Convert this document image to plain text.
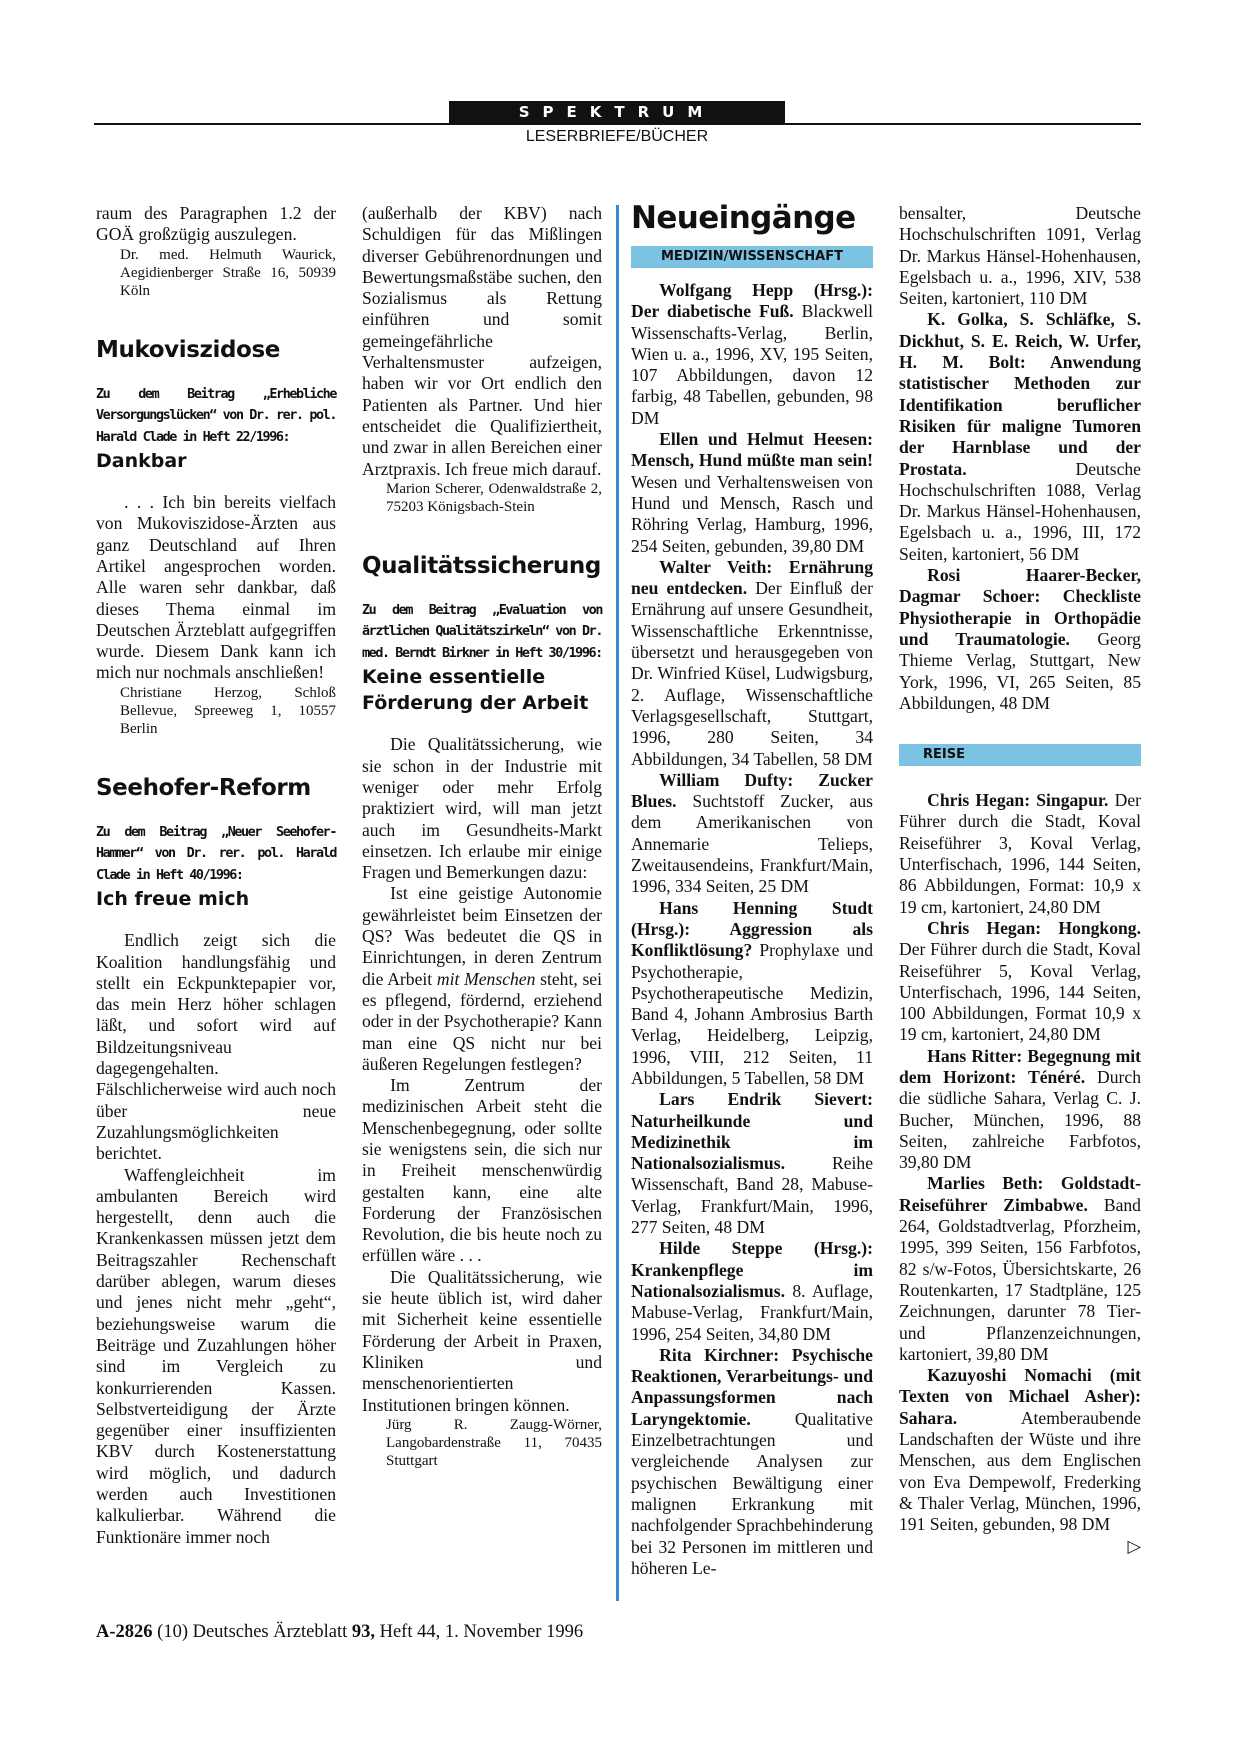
SPEKTRUM
LESERBRIEFE/BÜCHER

raum des Paragraphen 1.2 der GOÄ großzügig auszulegen.

Dr. med. Helmuth Waurick, Aegidienberger Straße 16, 50939 Köln

Mukoviszidose

Zu dem Beitrag „Erhebliche Versorgungslücken“ von Dr. rer. pol. Harald Clade in Heft 22/1996:

Dankbar

. . . Ich bin bereits vielfach von Mukoviszidose-Ärzten aus ganz Deutschland auf Ihren Artikel angesprochen worden. Alle waren sehr dankbar, daß dieses Thema einmal im Deutschen Ärzteblatt aufgegriffen wurde. Diesem Dank kann ich mich nur nochmals anschließen!

Christiane Herzog, Schloß Bellevue, Spreeweg 1, 10557 Berlin

Seehofer-Reform

Zu dem Beitrag „Neuer Seehofer-Hammer“ von Dr. rer. pol. Harald Clade in Heft 40/1996:

Ich freue mich

Endlich zeigt sich die Koalition handlungsfähig und stellt ein Eckpunktepapier vor, das mein Herz höher schlagen läßt, und sofort wird auf Bildzeitungsniveau dagegengehalten. Fälschlicherweise wird auch noch über neue Zuzahlungsmöglichkeiten berichtet.

Waffengleichheit im ambulanten Bereich wird hergestellt, denn auch die Krankenkassen müssen jetzt dem Beitragszahler Rechenschaft darüber ablegen, warum dieses und jenes nicht mehr „geht“, beziehungsweise warum die Beiträge und Zuzahlungen höher sind im Vergleich zu konkurrierenden Kassen. Selbstverteidigung der Ärzte gegenüber einer insuffizienten KBV durch Kostenerstattung wird möglich, und dadurch werden auch Investitionen kalkulierbar. Während die Funktionäre immer noch

(außerhalb der KBV) nach Schuldigen für das Mißlingen diverser Gebührenordnungen und Bewertungsmaßstäbe suchen, den Sozialismus als Rettung einführen und somit gemeingefährliche Verhaltensmuster aufzeigen, haben wir vor Ort endlich den Patienten als Partner. Und hier entscheidet die Qualifiziertheit, und zwar in allen Bereichen einer Arztpraxis. Ich freue mich darauf.

Marion Scherer, Odenwaldstraße 2, 75203 Königsbach-Stein

Qualitätssicherung

Zu dem Beitrag „Evaluation von ärztlichen Qualitätszirkeln“ von Dr. med. Berndt Birkner in Heft 30/1996:

Keine essentielle Förderung der Arbeit

Die Qualitätssicherung, wie sie schon in der Industrie mit weniger oder mehr Erfolg praktiziert wird, will man jetzt auch im Gesundheits-Markt einsetzen. Ich erlaube mir einige Fragen und Bemerkungen dazu:

Ist eine geistige Autonomie gewährleistet beim Einsetzen der QS? Was bedeutet die QS in Einrichtungen, in deren Zentrum die Arbeit mit Menschen steht, sei es pflegend, fördernd, erziehend oder in der Psychotherapie? Kann man eine QS nicht nur bei äußeren Regelungen festlegen?

Im Zentrum der medizinischen Arbeit steht die Menschenbegegnung, oder sollte sie wenigstens sein, die sich nur in Freiheit menschenwürdig gestalten kann, eine alte Forderung der Französischen Revolution, die bis heute noch zu erfüllen wäre . . .

Die Qualitätssicherung, wie sie heute üblich ist, wird daher mit Sicherheit keine essentielle Förderung der Arbeit in Praxen, Kliniken und menschenorientierten Institutionen bringen können.

Jürg R. Zaugg-Wörner, Langobardenstraße 11, 70435 Stuttgart

Neueingänge
MEDIZIN/WISSENSCHAFT

Wolfgang Hepp (Hrsg.): Der diabetische Fuß. Blackwell Wissenschafts-Verlag, Berlin, Wien u. a., 1996, XV, 195 Seiten, 107 Abbildungen, davon 12 farbig, 48 Tabellen, gebunden, 98 DM

Ellen und Helmut Heesen: Mensch, Hund müßte man sein! Wesen und Verhaltensweisen von Hund und Mensch, Rasch und Röhring Verlag, Hamburg, 1996, 254 Seiten, gebunden, 39,80 DM

Walter Veith: Ernährung neu entdecken. Der Einfluß der Ernährung auf unsere Gesundheit, Wissenschaftliche Erkenntnisse, übersetzt und herausgegeben von Dr. Winfried Küsel, Ludwigsburg, 2. Auflage, Wissenschaftliche Verlagsgesellschaft, Stuttgart, 1996, 280 Seiten, 34 Abbildungen, 34 Tabellen, 58 DM

William Dufty: Zucker Blues. Suchtstoff Zucker, aus dem Amerikanischen von Annemarie Telieps, Zweitausendeins, Frankfurt/Main, 1996, 334 Seiten, 25 DM

Hans Henning Studt (Hrsg.): Aggression als Konfliktlösung? Prophylaxe und Psychotherapie, Psychotherapeutische Medizin, Band 4, Johann Ambrosius Barth Verlag, Heidelberg, Leipzig, 1996, VIII, 212 Seiten, 11 Abbildungen, 5 Tabellen, 58 DM

Lars Endrik Sievert: Naturheilkunde und Medizinethik im Nationalsozialismus. Reihe Wissenschaft, Band 28, Mabuse-Verlag, Frankfurt/Main, 1996, 277 Seiten, 48 DM

Hilde Steppe (Hrsg.): Krankenpflege im Nationalsozialismus. 8. Auflage, Mabuse-Verlag, Frankfurt/Main, 1996, 254 Seiten, 34,80 DM

Rita Kirchner: Psychische Reaktionen, Verarbeitungs- und Anpassungsformen nach Laryngektomie. Qualitative Einzelbetrachtungen und vergleichende Analysen zur psychischen Bewältigung einer malignen Erkrankung mit nachfolgender Sprachbehinderung bei 32 Personen im mittleren und höheren Le-

bensalter, Deutsche Hochschulschriften 1091, Verlag Dr. Markus Hänsel-Hohenhausen, Egelsbach u. a., 1996, XIV, 538 Seiten, kartoniert, 110 DM

K. Golka, S. Schläfke, S. Dickhut, S. E. Reich, W. Urfer, H. M. Bolt: Anwendung statistischer Methoden zur Identifikation beruflicher Risiken für maligne Tumoren der Harnblase und der Prostata. Deutsche Hochschulschriften 1088, Verlag Dr. Markus Hänsel-Hohenhausen, Egelsbach u. a., 1996, III, 172 Seiten, kartoniert, 56 DM

Rosi Haarer-Becker, Dagmar Schoer: Checkliste Physiotherapie in Orthopädie und Traumatologie. Georg Thieme Verlag, Stuttgart, New York, 1996, VI, 265 Seiten, 85 Abbildungen, 48 DM

REISE

Chris Hegan: Singapur. Der Führer durch die Stadt, Koval Reiseführer 3, Koval Verlag, Unterfischach, 1996, 144 Seiten, 86 Abbildungen, Format: 10,9 x 19 cm, kartoniert, 24,80 DM

Chris Hegan: Hongkong. Der Führer durch die Stadt, Koval Reiseführer 5, Koval Verlag, Unterfischach, 1996, 144 Seiten, 100 Abbildungen, Format 10,9 x 19 cm, kartoniert, 24,80 DM

Hans Ritter: Begegnung mit dem Horizont: Ténéré. Durch die südliche Sahara, Verlag C. J. Bucher, München, 1996, 88 Seiten, zahlreiche Farbfotos, 39,80 DM

Marlies Beth: Goldstadt-Reiseführer Zimbabwe. Band 264, Goldstadtverlag, Pforzheim, 1995, 399 Seiten, 156 Farbfotos, 82 s/w-Fotos, Übersichtskarte, 26 Routenkarten, 17 Stadtpläne, 125 Zeichnungen, darunter 78 Tier- und Pflanzenzeichnungen, kartoniert, 39,80 DM

Kazuyoshi Nomachi (mit Texten von Michael Asher): Sahara. Atemberaubende Landschaften der Wüste und ihre Menschen, aus dem Englischen von Eva Dempewolf, Frederking & Thaler Verlag, München, 1996, 191 Seiten, gebunden, 98 DM
▷

A-2826 (10) Deutsches Ärzteblatt 93, Heft 44, 1. November 1996
